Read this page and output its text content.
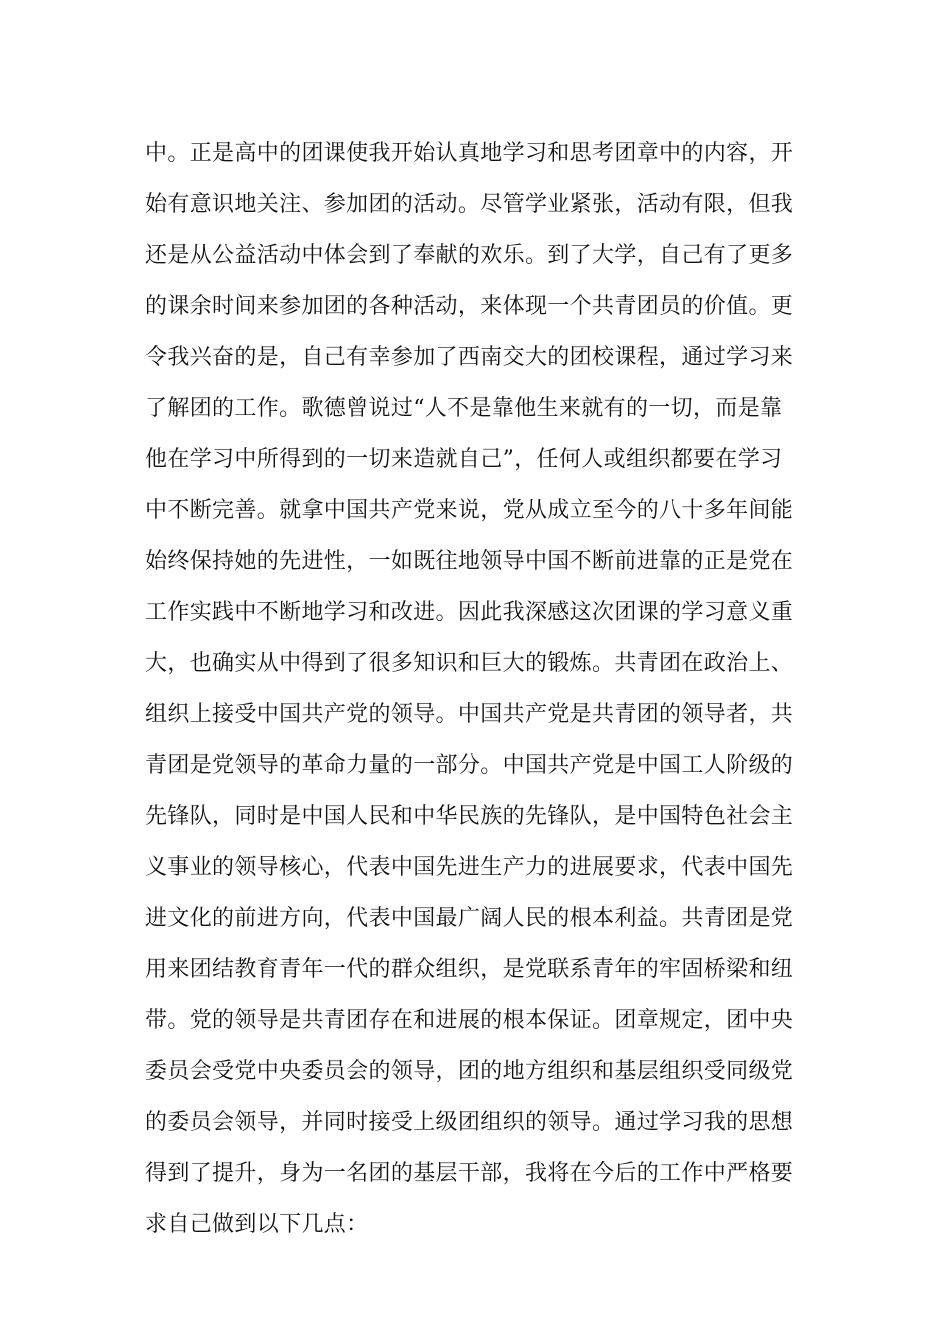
中。正是高中的团课使我开始认真地学习和思考团章中的内容，开
始有意识地关注、参加团的活动。尽管学业紧张，活动有限，但我
还是从公益活动中体会到了奉献的欢乐。到了大学，自己有了更多
的课余时间来参加团的各种活动，来体现一个共青团员的价值。更
令我兴奋的是，自己有幸参加了西南交大的团校课程，通过学习来
了解团的工作。歌德曾说过“人不是靠他生来就有的一切，而是靠
他在学习中所得到的一切来造就自己”，任何人或组织都要在学习
中不断完善。就拿中国共产党来说，党从成立至今的八十多年间能
始终保持她的先进性，一如既往地领导中国不断前进靠的正是党在
工作实践中不断地学习和改进。因此我深感这次团课的学习意义重
大，也确实从中得到了很多知识和巨大的锻炼。共青团在政治上、
组织上接受中国共产党的领导。中国共产党是共青团的领导者，共
青团是党领导的革命力量的一部分。中国共产党是中国工人阶级的
先锋队，同时是中国人民和中华民族的先锋队，是中国特色社会主
义事业的领导核心，代表中国先进生产力的进展要求，代表中国先
进文化的前进方向，代表中国最广阔人民的根本利益。共青团是党
用来团结教育青年一代的群众组织，是党联系青年的牢固桥梁和纽
带。党的领导是共青团存在和进展的根本保证。团章规定，团中央
委员会受党中央委员会的领导，团的地方组织和基层组织受同级党
的委员会领导，并同时接受上级团组织的领导。通过学习我的思想
得到了提升，身为一名团的基层干部，我将在今后的工作中严格要
求自己做到以下几点：
